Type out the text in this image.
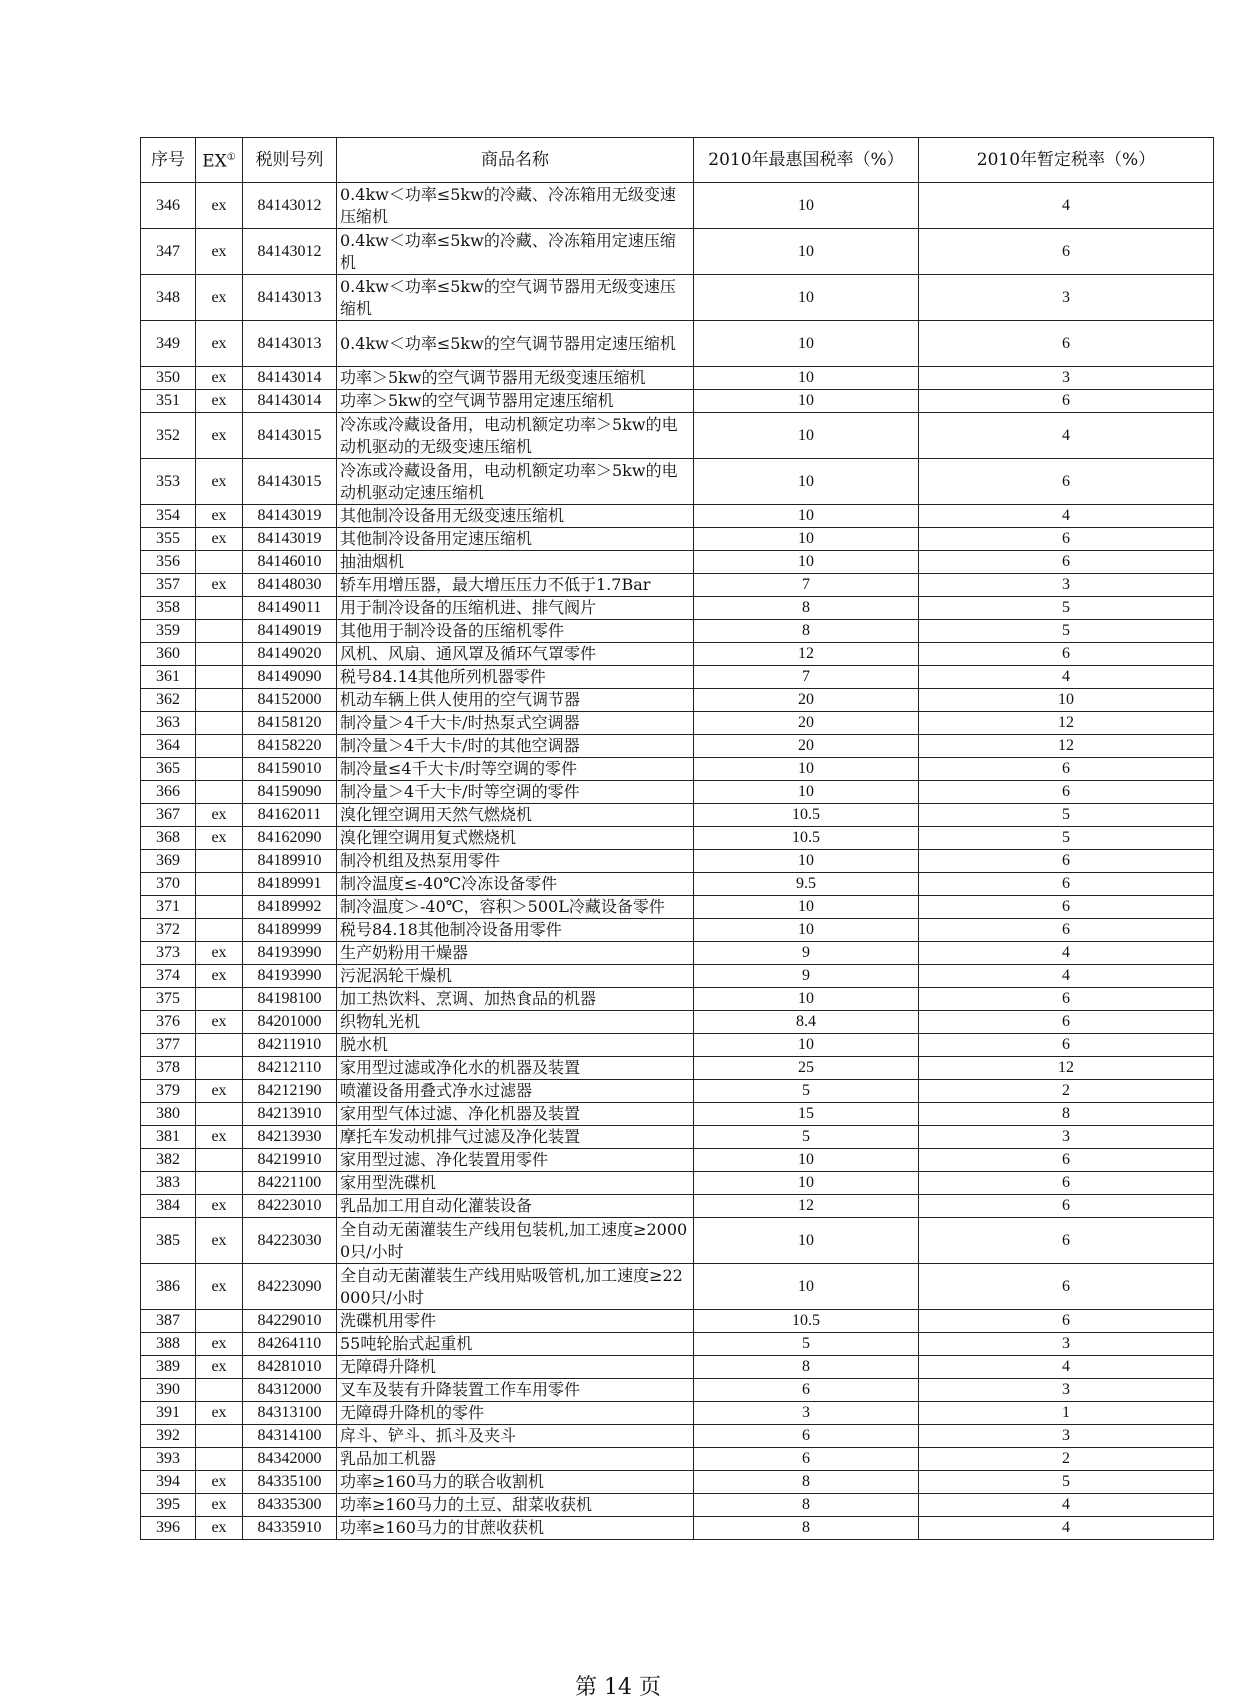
序号	EX①	税则号列	商品名称	2010年最惠国税率（%）	2010年暂定税率（%）
346	ex	84143012	0.4kw＜功率≤5kw的冷藏、冷冻箱用无级变速压缩机	10	4
347	ex	84143012	0.4kw＜功率≤5kw的冷藏、冷冻箱用定速压缩机	10	6
348	ex	84143013	0.4kw＜功率≤5kw的空气调节器用无级变速压缩机	10	3
349	ex	84143013	0.4kw＜功率≤5kw的空气调节器用定速压缩机	10	6
350	ex	84143014	功率＞5kw的空气调节器用无级变速压缩机	10	3
351	ex	84143014	功率＞5kw的空气调节器用定速压缩机	10	6
352	ex	84143015	冷冻或冷藏设备用，电动机额定功率＞5kw的电动机驱动的无级变速压缩机	10	4
353	ex	84143015	冷冻或冷藏设备用，电动机额定功率＞5kw的电动机驱动定速压缩机	10	6
354	ex	84143019	其他制冷设备用无级变速压缩机	10	4
355	ex	84143019	其他制冷设备用定速压缩机	10	6
356		84146010	抽油烟机	10	6
357	ex	84148030	轿车用增压器，最大增压压力不低于1.7Bar	7	3
358		84149011	用于制冷设备的压缩机进、排气阀片	8	5
359		84149019	其他用于制冷设备的压缩机零件	8	5
360		84149020	风机、风扇、通风罩及循环气罩零件	12	6
361		84149090	税号84.14其他所列机器零件	7	4
362		84152000	机动车辆上供人使用的空气调节器	20	10
363		84158120	制冷量＞4千大卡/时热泵式空调器	20	12
364		84158220	制冷量＞4千大卡/时的其他空调器	20	12
365		84159010	制冷量≤4千大卡/时等空调的零件	10	6
366		84159090	制冷量＞4千大卡/时等空调的零件	10	6
367	ex	84162011	溴化锂空调用天然气燃烧机	10.5	5
368	ex	84162090	溴化锂空调用复式燃烧机	10.5	5
369		84189910	制冷机组及热泵用零件	10	6
370		84189991	制冷温度≤-40℃冷冻设备零件	9.5	6
371		84189992	制冷温度＞-40℃，容积＞500L冷藏设备零件	10	6
372		84189999	税号84.18其他制冷设备用零件	10	6
373	ex	84193990	生产奶粉用干燥器	9	4
374	ex	84193990	污泥涡轮干燥机	9	4
375		84198100	加工热饮料、烹调、加热食品的机器	10	6
376	ex	84201000	织物轧光机	8.4	6
377		84211910	脱水机	10	6
378		84212110	家用型过滤或净化水的机器及装置	25	12
379	ex	84212190	喷灌设备用叠式净水过滤器	5	2
380		84213910	家用型气体过滤、净化机器及装置	15	8
381	ex	84213930	摩托车发动机排气过滤及净化装置	5	3
382		84219910	家用型过滤、净化装置用零件	10	6
383		84221100	家用型洗碟机	10	6
384	ex	84223010	乳品加工用自动化灌装设备	12	6
385	ex	84223030	全自动无菌灌装生产线用包装机,加工速度≥20000只/小时	10	6
386	ex	84223090	全自动无菌灌装生产线用贴吸管机,加工速度≥22000只/小时	10	6
387		84229010	洗碟机用零件	10.5	6
388	ex	84264110	55吨轮胎式起重机	5	3
389	ex	84281010	无障碍升降机	8	4
390		84312000	叉车及装有升降装置工作车用零件	6	3
391	ex	84313100	无障碍升降机的零件	3	1
392		84314100	戽斗、铲斗、抓斗及夹斗	6	3
393		84342000	乳品加工机器	6	2
394	ex	84335100	功率≥160马力的联合收割机	8	5
395	ex	84335300	功率≥160马力的土豆、甜菜收获机	8	4
396	ex	84335910	功率≥160马力的甘蔗收获机	8	4
第 14 页
